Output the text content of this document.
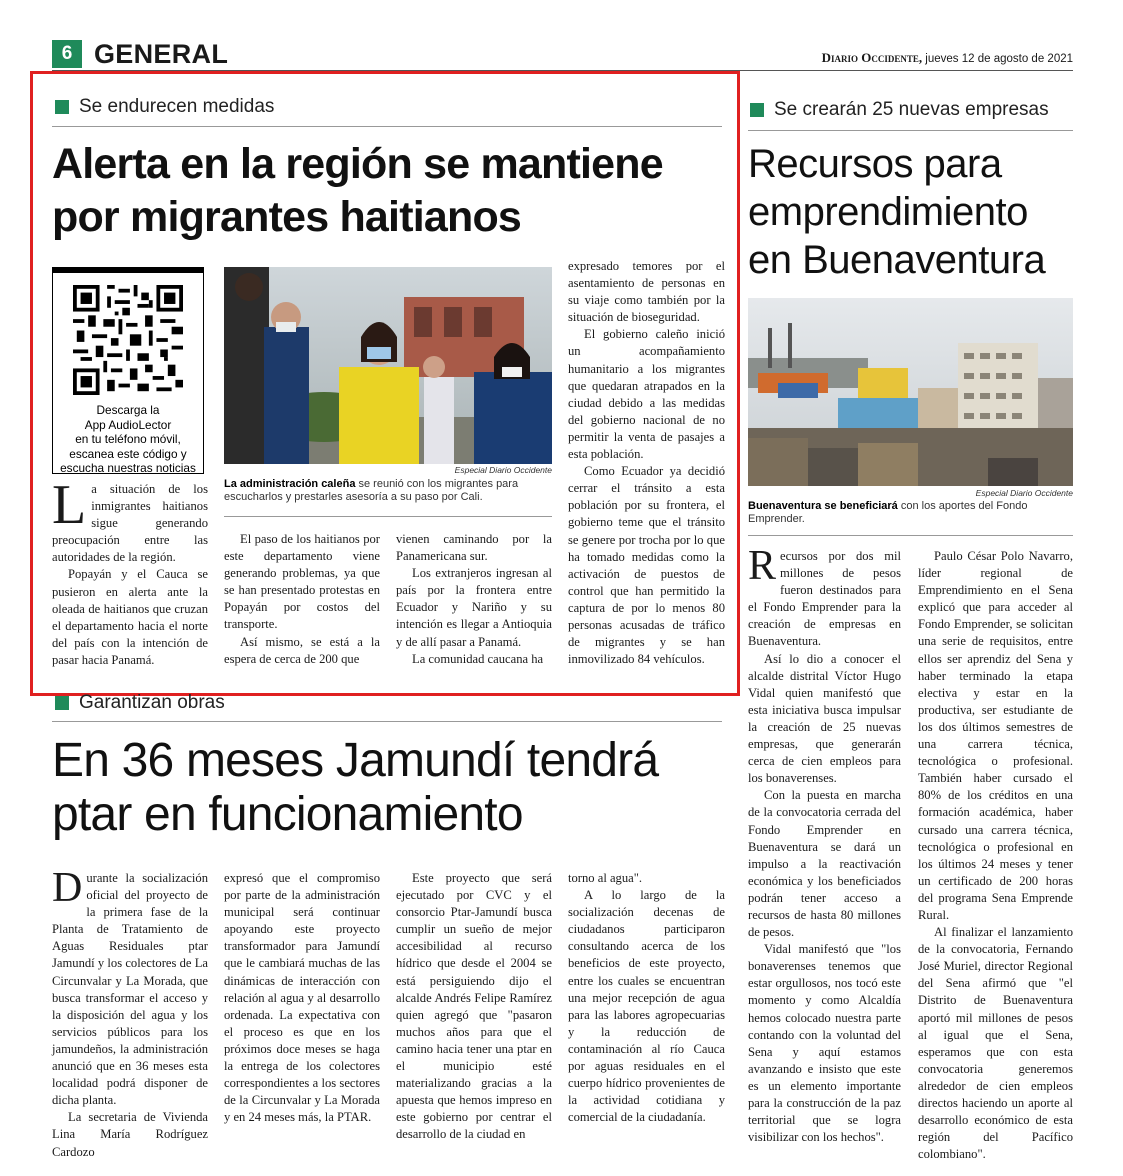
6 GENERAL	Diario Occidente, jueves 12 de agosto de 2021
Se endurecen medidas
Alerta en la región se mantiene por migrantes haitianos
Descarga la
App AudioLector
en tu teléfono móvil,
escanea este código y
escucha nuestras noticias	Especial Diario Occidente
La administración caleña se reunió con los migrantes para escucharlos y prestarles asesoría a su paso por Cali.

La situación de los inmigrantes haitianos sigue generando preocupación entre las autoridades de la región.

Popayán y el Cauca se pusieron en alerta ante la oleada de haitianos que cruzan el departamento hacia el norte del país con la intención de pasar hacia Panamá.

El paso de los haitianos por este departamento viene generando problemas, ya que se han presentado protestas en Popayán por costos del transporte.

Así mismo, se está a la espera de cerca de 200 que

vienen caminando por la Panamericana sur.

Los extranjeros ingresan al país por la frontera entre Ecuador y Nariño y su intención es llegar a Antioquia y de allí pasar a Panamá.

La comunidad caucana ha

expresado temores por el asentamiento de personas en su viaje como también por la situación de bioseguridad.

El gobierno caleño inició un acompañamiento humanitario a los migrantes que quedaran atrapados en la ciudad debido a las medidas del gobierno nacional de no permitir la venta de pasajes a esta población.

Como Ecuador ya decidió cerrar el tránsito a esta población por su frontera, el gobierno teme que el tránsito se genere por trocha por lo que ha tomado medidas como la activación de puestos de control que han permitido la captura de por lo menos 80 personas acusadas de tráfico de migrantes y se han inmovilizado 84 vehículos.

Se crearán 25 nuevas empresas
Recursos para emprendimiento en Buenaventura
Especial Diario Occidente
Buenaventura se beneficiará con los aportes del Fondo Emprender.

Recursos por dos mil millones de pesos fueron destinados para el Fondo Emprender para la creación de empresas en Buenaventura.

Así lo dio a conocer el alcalde distrital Víctor Hugo Vidal quien manifestó que esta iniciativa busca impulsar la creación de 25 nuevas empresas, que generarán cerca de cien empleos para los bonaverenses.

Con la puesta en marcha de la convocatoria cerrada del Fondo Emprender en Buenaventura se dará un impulso a la reactivación económica y los beneficiados podrán tener acceso a recursos de hasta 80 millones de pesos.

Vidal manifestó que "los bonaverenses tenemos que estar orgullosos, nos tocó este momento y como Alcaldía hemos colocado nuestra parte contando con la voluntad del Sena y aquí estamos avanzando e insisto que este es un elemento importante para la construcción de la paz territorial que se logra visibilizar con los hechos".

Paulo César Polo Navarro, líder regional de Emprendimiento en el Sena explicó que para acceder al Fondo Emprender, se solicitan una serie de requisitos, entre ellos ser aprendiz del Sena y haber terminado la etapa electiva y estar en la productiva, ser estudiante de los dos últimos semestres de una carrera técnica, tecnológica o profesional. También haber cursado el 80% de los créditos en una formación académica, haber cursado una carrera técnica, tecnológica o profesional en los últimos 24 meses y tener un certificado de 200 horas del programa Sena Emprende Rural.

Al finalizar el lanzamiento de la convocatoria, Fernando José Muriel, director Regional del Sena afirmó que "el Distrito de Buenaventura aportó mil millones de pesos al igual que el Sena, esperamos que con esta convocatoria generemos alrededor de cien empleos directos haciendo un aporte al desarrollo económico de esta región del Pacífico colombiano".

Garantizan obras
En 36 meses Jamundí tendrá ptar en funcionamiento

Durante la socialización oficial del proyecto de la primera fase de la Planta de Tratamiento de Aguas Residuales ptar Jamundí y los colectores de La Circunvalar y La Morada, que busca transformar el acceso y la disposición del agua y los servicios públicos para los jamundeños, la administración anunció que en 36 meses esta localidad podrá disponer de dicha planta.

La secretaria de Vivienda Lina María Rodríguez Cardozo

expresó que el compromiso por parte de la administración municipal será continuar apoyando este proyecto transformador para Jamundí que le cambiará muchas de las dinámicas de interacción con relación al agua y al desarrollo ordenada. La expectativa con el proceso es que en los próximos doce meses se haga la entrega de los colectores correspondientes a los sectores de la Circunvalar y La Morada y en 24 meses más, la PTAR.

Este proyecto que será ejecutado por CVC y el consorcio Ptar-Jamundí busca cumplir un sueño de mejor accesibilidad al recurso hídrico que desde el 2004 se está persiguiendo dijo el alcalde Andrés Felipe Ramírez quien agregó que "pasaron muchos años para que el camino hacia tener una ptar en el municipio esté materializando gracias a la apuesta que hemos impreso en este gobierno por centrar el desarrollo de la ciudad en

torno al agua".

A lo largo de la socialización decenas de ciudadanos participaron consultando acerca de los beneficios de este proyecto, entre los cuales se encuentran una mejor recepción de agua para las labores agropecuarias y la reducción de contaminación al río Cauca por aguas residuales en el cuerpo hídrico provenientes de la actividad cotidiana y comercial de la ciudadanía.
